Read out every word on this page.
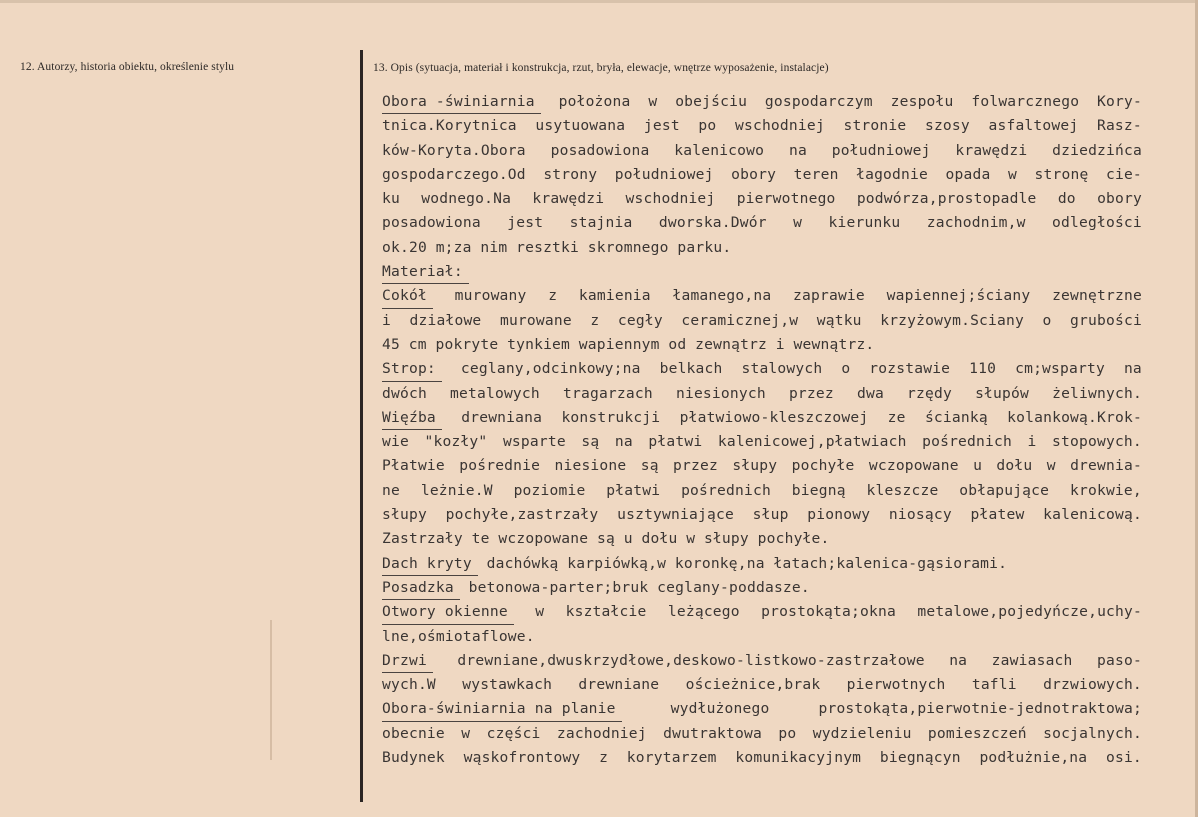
12. Autorzy, historia obiektu, określenie stylu	13. Opis (sytuacja, materiał i konstrukcja, rzut, bryła, elewacje, wnętrze wyposażenie, instalacje)
Obora -świniarnia	położona w obejściu gospodarczym zespołu folwarcznego Kory-
tnica.Korytnica usytuowana jest po wschodniej stronie szosy asfaltowej Rasz-
ków-Koryta.Obora posadowiona kalenicowo na południowej krawędzi dziedzińca
gospodarczego.Od strony południowej obory teren łagodnie opada w stronę cie-
ku wodnego.Na krawędzi wschodniej pierwotnego podwórza,prostopadle do obory
posadowiona jest stajnia dworska.Dwór w kierunku zachodnim,w odległości
ok.20 m;za nim resztki skromnego parku.
Materiał:
Cokół	murowany z kamienia łamanego,na zaprawie wapiennej;ściany zewnętrzne
i działowe murowane z cegły ceramicznej,w wątku krzyżowym.Sciany o grubości
45 cm pokryte tynkiem wapiennym od zewnątrz i wewnątrz.
Strop:	ceglany,odcinkowy;na belkach stalowych o rozstawie 110 cm;wsparty na
dwóch metalowych tragarzach niesionych przez dwa rzędy słupów żeliwnych.
Więźba	drewniana konstrukcji płatwiowo-kleszczowej ze ścianką kolankową.Krok-
wie "kozły" wsparte są na płatwi kalenicowej,płatwiach pośrednich i stopowych.
Płatwie pośrednie niesione są przez słupy pochyłe wczopowane u dołu w drewnia-
ne leżnie.W poziomie płatwi pośrednich biegną kleszcze obłapujące krokwie,
słupy pochyłe,zastrzały usztywniające słup pionowy niosący płatew kalenicową.
Zastrzały te wczopowane są u dołu w słupy pochyłe.
Dach kryty	dachówką karpiówką,w koronkę,na łatach;kalenica-gąsiorami.
Posadzka	betonowa-parter;bruk ceglany-poddasze.
Otwory okienne	w kształcie leżącego prostokąta;okna metalowe,pojedyńcze,uchy-
lne,ośmiotaflowe.
Drzwi	drewniane,dwuskrzydłowe,deskowo-listkowo-zastrzałowe na zawiasach paso-
wych.W wystawkach drewniane ościeżnice,brak pierwotnych tafli drzwiowych.
Obora-świniarnia na planie	wydłużonego	prostokąta,pierwotnie-jednotraktowa;
obecnie w części zachodniej dwutraktowa po wydzieleniu pomieszczeń socjalnych.
Budynek wąskofrontowy z korytarzem komunikacyjnym biegnącyn podłużnie,na osi.
